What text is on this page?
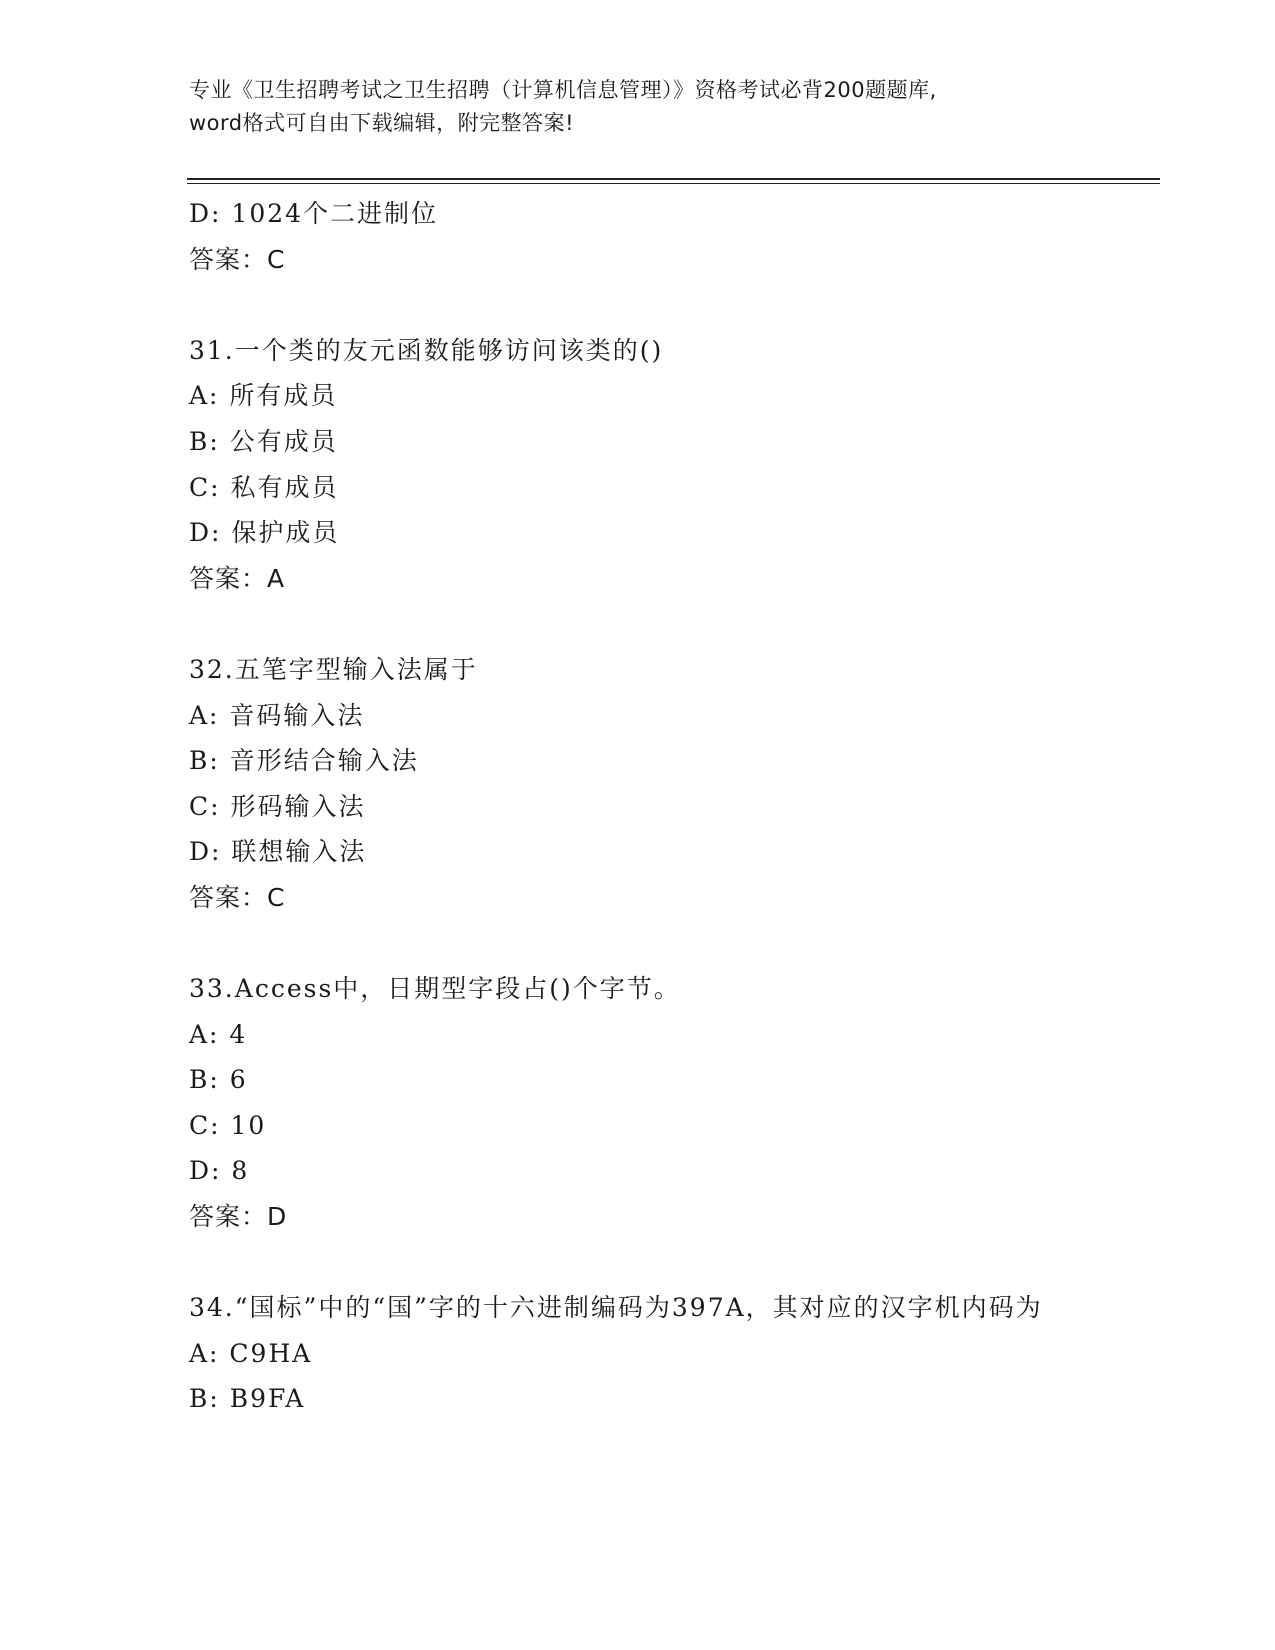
专业《卫生招聘考试之卫生招聘（计算机信息管理）》资格考试必背200题题库,
word格式可自由下载编辑，附完整答案!
D: 1024个二进制位
答案：C
31.一个类的友元函数能够访问该类的()
A: 所有成员
B: 公有成员
C: 私有成员
D: 保护成员
答案：A
32.五笔字型输入法属于
A: 音码输入法
B: 音形结合输入法
C: 形码输入法
D: 联想输入法
答案：C
33.Access中，日期型字段占()个字节。
A: 4
B: 6
C: 10
D: 8
答案：D
34.“国标”中的“国”字的十六进制编码为397A，其对应的汉字机内码为
A: C9HA
B: B9FA
